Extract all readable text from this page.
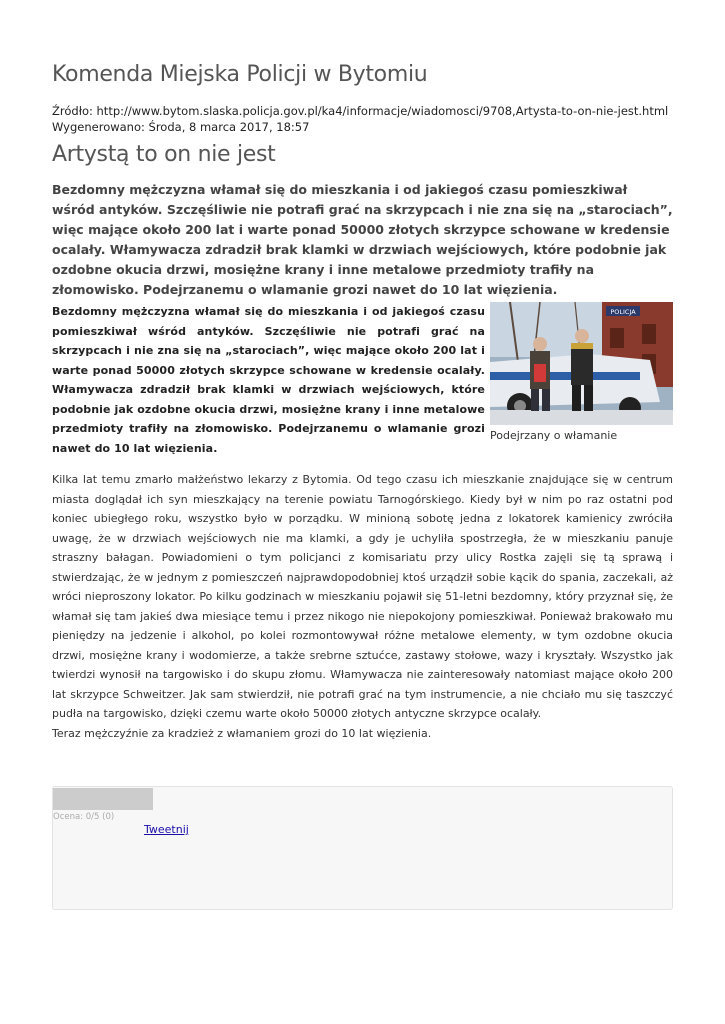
Komenda Miejska Policji w Bytomiu
Źródło: http://www.bytom.slaska.policja.gov.pl/ka4/informacje/wiadomosci/9708,Artysta-to-on-nie-jest.html
Wygenerowano: Środa, 8 marca 2017, 18:57
Artystą to on nie jest
Bezdomny mężczyzna włamał się do mieszkania i od jakiegoś czasu pomieszkiwał wśród antyków. Szczęśliwie nie potrafi grać na skrzypcach i nie zna się na „starociach”, więc mające około 200 lat i warte ponad 50000 złotych skrzypce schowane w kredensie ocalały. Włamywacza zdradził brak klamki w drzwiach wejściowych, które podobnie jak ozdobne okucia drzwi, mosiężne krany i inne metalowe przedmioty trafiły na złomowisko. Podejrzanemu o wlamanie grozi nawet do 10 lat więzienia.
POLICJA
Podejrzany o włamanie

Bezdomny mężczyzna włamał się do mieszkania i od jakiegoś czasu pomieszkiwał wśród antyków. Szczęśliwie nie potrafi grać na skrzypcach i nie zna się na „starociach”, więc mające około 200 lat i warte ponad 50000 złotych skrzypce schowane w kredensie ocalały. Włamywacza zdradził brak klamki w drzwiach wejściowych, które podobnie jak ozdobne okucia drzwi, mosiężne krany i inne metalowe przedmioty trafiły na złomowisko. Podejrzanemu o wlamanie grozi nawet do 10 lat więzienia.

Kilka lat temu zmarło małżeństwo lekarzy z Bytomia. Od tego czasu ich mieszkanie znajdujące się w centrum miasta doglądał ich syn mieszkający na terenie powiatu Tarnogórskiego. Kiedy był w nim po raz ostatni pod koniec ubiegłego roku, wszystko było w porządku. W minioną sobotę jedna z lokatorek kamienicy zwróciła uwagę, że w drzwiach wejściowych nie ma klamki, a gdy je uchyliła spostrzegła, że w mieszkaniu panuje straszny bałagan. Powiadomieni o tym policjanci z komisariatu przy ulicy Rostka zajęli się tą sprawą i stwierdzając, że w jednym z pomieszczeń najprawdopodobniej ktoś urządził sobie kącik do spania, zaczekali, aż wróci nieproszony lokator. Po kilku godzinach w mieszkaniu pojawił się 51-letni bezdomny, który przyznał się, że włamał się tam jakieś dwa miesiące temu i przez nikogo nie niepokojony pomieszkiwał. Ponieważ brakowało mu pieniędzy na jedzenie i alkohol, po kolei rozmontowywał różne metalowe elementy, w tym ozdobne okucia drzwi, mosiężne krany i wodomierze, a także srebrne sztućce, zastawy stołowe, wazy i kryształy. Wszystko jak twierdzi wynosił na targowisko i do skupu złomu. Włamywacza nie zainteresowały natomiast mające około 200 lat skrzypce Schweitzer. Jak sam stwierdził, nie potrafi grać na tym instrumencie, a nie chciało mu się taszczyć pudła na targowisko, dzięki czemu warte około 50000 złotych antyczne skrzypce ocalały.

Teraz mężczyźnie za kradzież z włamaniem grozi do 10 lat więzienia.

Ocena: 0/5 (0)
Tweetnij
